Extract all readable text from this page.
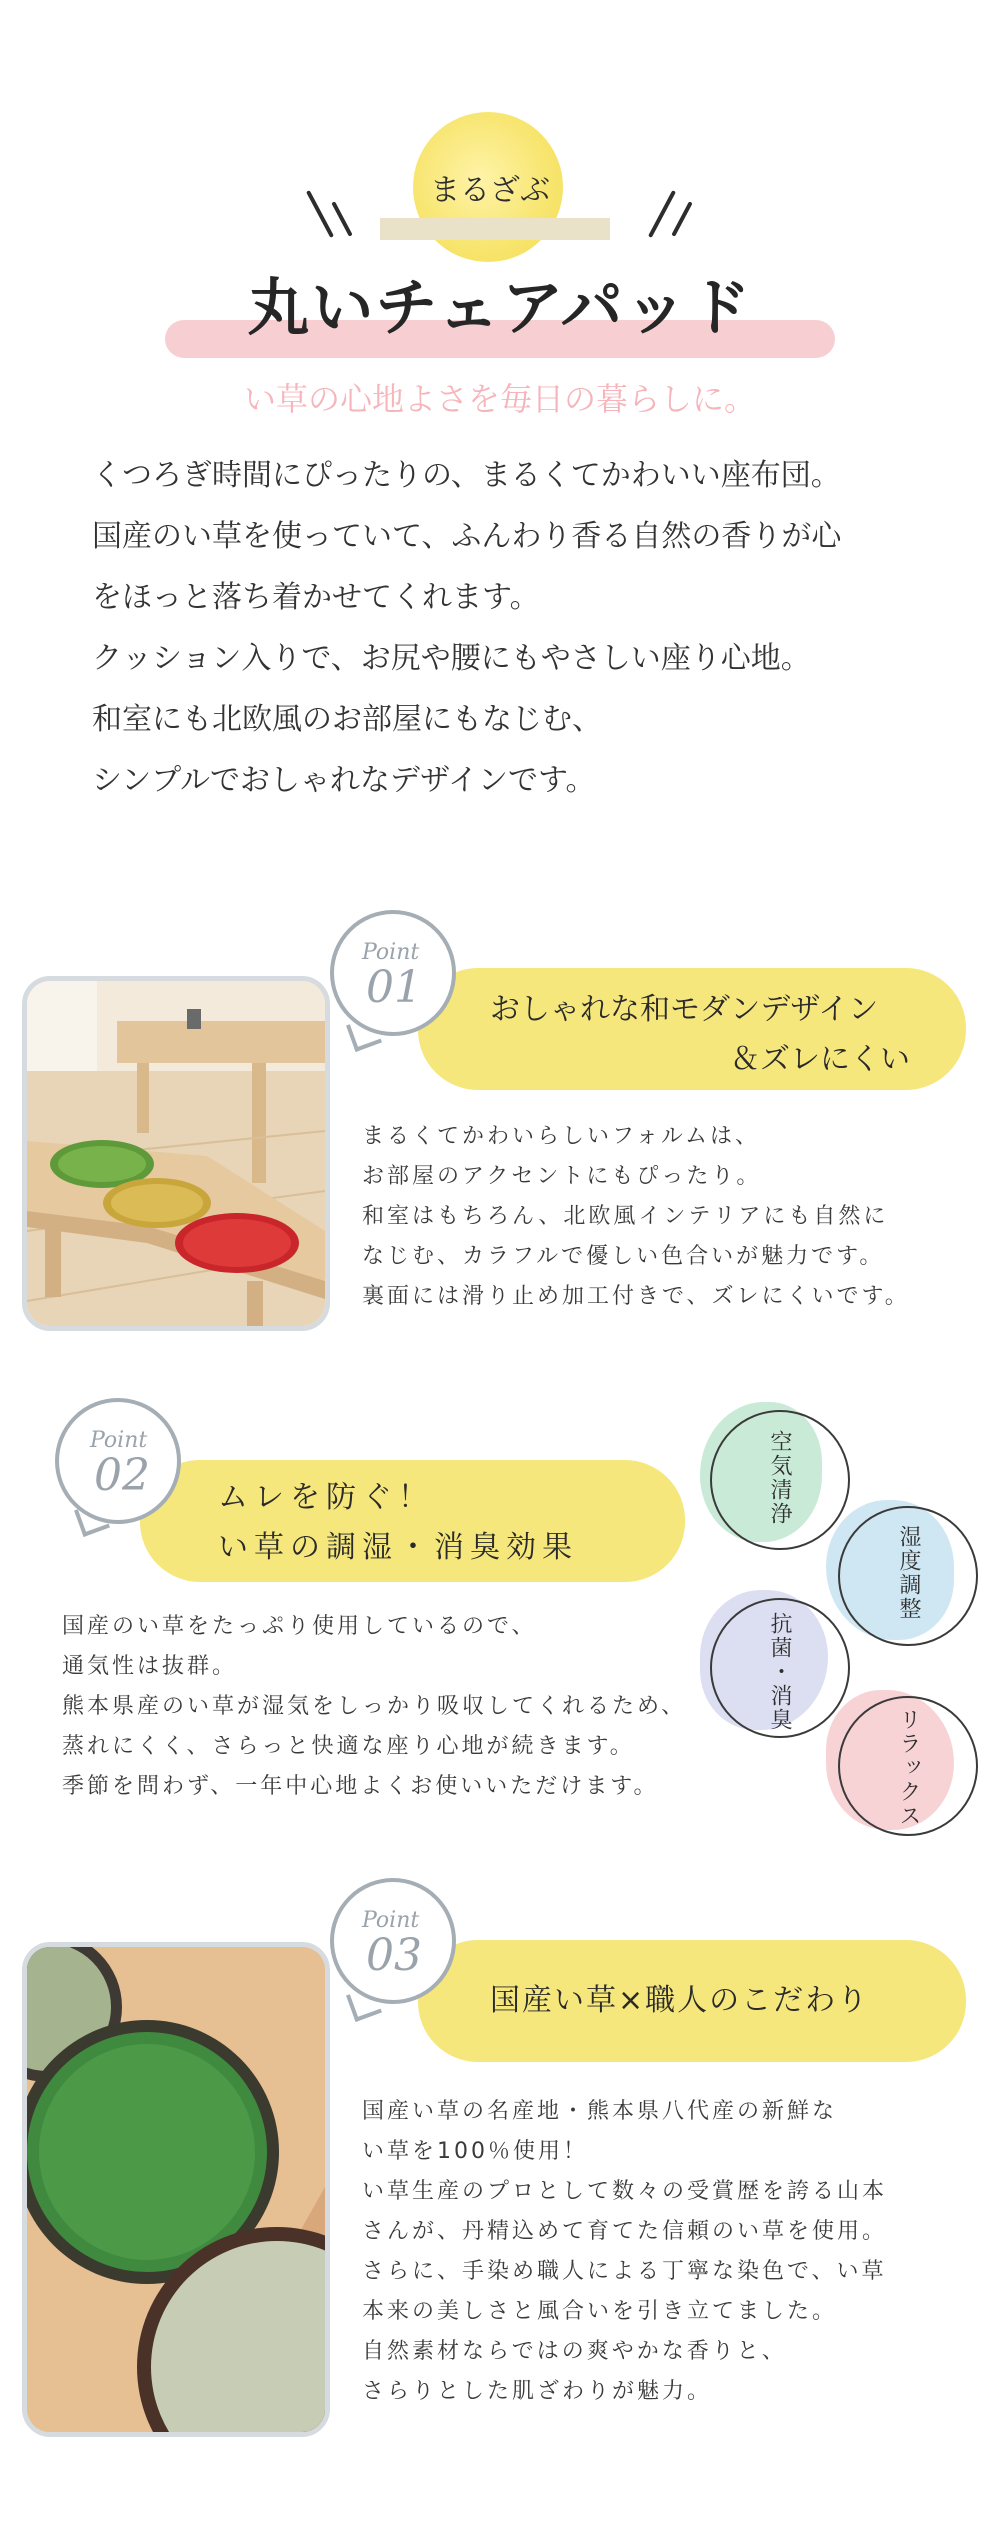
まるざぶ
丸いチェアパッド
い草の心地よさを毎日の暮らしに。
くつろぎ時間にぴったりの、まるくてかわいい座布団。
国産のい草を使っていて、ふんわり香る自然の香りが心
をほっと落ち着かせてくれます。
クッション入りで、お尻や腰にもやさしい座り心地。
和室にも北欧風のお部屋にもなじむ、
シンプルでおしゃれなデザインです。
Point
01 おしゃれな和モダンデザイン
＆ズレにくい
まるくてかわいらしいフォルムは、
お部屋のアクセントにもぴったり。
和室はもちろん、北欧風インテリアにも自然に
なじむ、カラフルで優しい色合いが魅力です。
裏面には滑り止め加工付きで、ズレにくいです。
Point
02 ムレを防ぐ！
い草の調湿・消臭効果
国産のい草をたっぷり使用しているので、
通気性は抜群。
熊本県産のい草が湿気をしっかり吸収してくれるため、
蒸れにくく、さらっと快適な座り心地が続きます。
季節を問わず、一年中心地よくお使いいただけます。
空気清浄
湿度調整
抗菌・消臭
リラックス
Point
03
国産い草×職人のこだわり
国産い草の名産地・熊本県八代産の新鮮な
い草を100％使用！
い草生産のプロとして数々の受賞歴を誇る山本
さんが、丹精込めて育てた信頼のい草を使用。
さらに、手染め職人による丁寧な染色で、い草
本来の美しさと風合いを引き立てました。
自然素材ならではの爽やかな香りと、
さらりとした肌ざわりが魅力。
